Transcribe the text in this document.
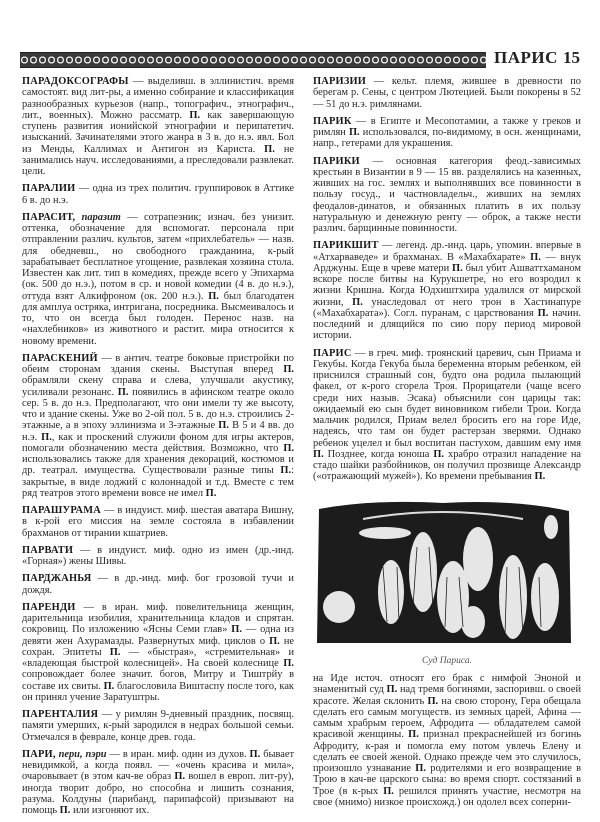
ПАРИС 15

ПАРАДОКСОГРАФЫ — выделивш. в эллинистич. время самостоят. вид лит-ры, а именно собирание и классификация разнообразных курьезов (напр., топографич., этнографич., лит., военных). Можно рассматр. П. как завершающую ступень развития ионийской этнографии и перипатетич. изысканий. Зачинателями этого жанра в 3 в. до н.э. явл. Бол из Менды, Каллимах и Антигон из Кариста. П. не занимались науч. исследованиями, а преследовали развлекат. цели.

ПАРАЛИИ — одна из трех политич. группировок в Аттике 6 в. до н.э.

ПАРАСИТ, паразит — сотрапезник; изнач. без унизит. оттенка, обозначение для вспомогат. персонала при отправлении различ. культов, затем «прихлебатель» — назв. для обедневш., но свободного гражданина, к-рый зарабатывает бесплатное угощение, развлекая хозяина стола. Известен как лит. тип в комедиях, прежде всего у Эпихарма (ок. 500 до н.э.), потом в ср. и новой комедии (4 в. до н.э.), оттуда взят Алкифроном (ок. 200 н.э.). П. был благодатен для амплуа остряка, интригана, посредника. Высмеивалось и то, что он всегда был голоден. Перенос назв. на «нахлебников» из животного и растит. мира относится к новому времени.

ПАРАСКЕНИЙ — в антич. театре боковые пристройки по обеим сторонам здания скены. Выступая вперед П. обрамляли скену справа и слева, улучшали акустику, усиливали резонанс. П. появились в афинском театре около сер. 5 в. до н.э. Предполагают, что они имели ту же высоту, что и здание скены. Уже во 2-ой пол. 5 в. до н.э. строились 2-этажные, а в эпоху эллинизма и 3-этажные П. В 5 и 4 вв. до н.э. П., как и проскений служили фоном для игры актеров, помогали обозначению места действия. Возможно, что П. использовались также для хранения декораций, костюмов и др. театрал. имущества. Существовали разные типы П.: закрытые, в виде лоджий с колоннадой и т.д. Вместе с тем ряд театров этого времени вовсе не имел П.

ПАРАШУРАМА — в индуист. миф. шестая аватара Вишну, в к-рой его миссия на земле состояла в избавлении брахманов от тирании кшатриев.

ПАРВАТИ — в индуист. миф. одно из имен (др.-инд. «Горная») жены Шивы.

ПАРДЖАНЬЯ — в др.-инд. миф. бог грозовой тучи и дождя.

ПАРЕНДИ — в иран. миф. повелительница женщин, дарительница изобилия, хранительница кладов и спрятан. сокровищ. По изложению «Ясны Семи глав» П. — одна из девяти жен Ахурамазды. Развернутых миф. циклов о П. не сохран. Эпитеты П. — «быстрая», «стремительная» и «владеющая быстрой колесницей». На своей колеснице П. сопровождает более значит. богов, Митру и Тиштрйу в составе их свиты. П. благословила Виштаспу после того, как он принял учение Заратуштры.

ПАРЕНТАЛИЯ — у римлян 9-дневный праздник, посвящ. памяти умерших, к-рый зародился в недрах большой семьи. Отмечался в феврале, конце древ. года.

ПАРИ, пери, пэри — в иран. миф. один из духов. П. бывает невидимкой, а когда появл. — «очень красива и мила», очаровывает (в этом кач-ве образ П. вошел в европ. лит-ру), иногда творит добро, но способна и лишить сознания, разума. Колдуны (парибанд, парипафсой) призывают на помощь П. или изгоняют их.

ПАРИЗИИ — кельт. племя, жившее в древности по берегам р. Сены, с центром Лютецией. Были покорены в 52 — 51 до н.э. римлянами.

ПАРИК — в Египте и Месопотамии, а также у греков и римлян П. использовался, по-видимому, в осн. женщинами, напр., гетерами для украшения.

ПАРИКИ — основная категория феод.-зависимых крестьян в Византии в 9 — 15 вв. разделялись на казенных, живших на гос. землях и выполнявших все повинности в пользу госуд., и частновладельч., живших на землях феодалов-динатов, и обязанных платить в их пользу натуральную и денежную ренту — оброк, а также нести различ. барщинные повинности.

ПАРИКШИТ — легенд. др.-инд. царь, упомин. впервые в «Атхарваведе» и брахманах. В «Махабхарате» П. — внук Арджуны. Еще в чреве матери П. был убит Ашваттхаманом вскоре после битвы на Курукшетре, но его возродил к жизни Кришна. Когда Юдхиштхира удалился от мирской жизни, П. унаследовал от него трон в Хастинапуре («Махабхарата»). Согл. пуранам, с царствования П. начин. последний и длящийся по сию пору период мировой истории.

ПАРИС — в греч. миф. троянский царевич, сын Приама и Гекубы. Когда Гекуба была беременна вторым ребенком, ей приснился страшный сон, будто она родила пылающий факел, от к-рого сгорела Троя. Прорицатели (чаще всего среди них назыв. Эсака) объяснили сон царицы так: ожидаемый ею сын будет виновником гибели Трои. Когда мальчик родился, Приам велел бросить его на горе Иде, надеясь, что там он будет растерзан зверями. Однако ребенок уцелел и был воспитан пастухом, давшим ему имя П. Позднее, когда юноша П. храбро отразил нападение на стадо шайки разбойников, он получил прозвище Александр («отражающий мужей»). Ко времени пребывания П.

Суд Париса.

на Иде источ. относят его брак с нимфой Эноной и знаменитый суд П. над тремя богинями, заспоривш. о своей красоте. Желая склонить П. на свою сторону, Гера обещала сделать его самым могуществ. из земных царей, Афина — самым храбрым героем, Афродита — обладателем самой красивой женщины. П. признал прекраснейшей из богинь Афродиту, к-рая и помогла ему потом увлечь Елену и сделать ее своей женой. Однако прежде чем это случилось, произошло узнавание П. родителями и его возвращение в Трою в кач-ве царского сына: во время спорт. состязаний в Трое (в к-рых П. решился принять участие, несмотря на свое (мнимо) низкое происхожд.) он одолел всех соперни-
